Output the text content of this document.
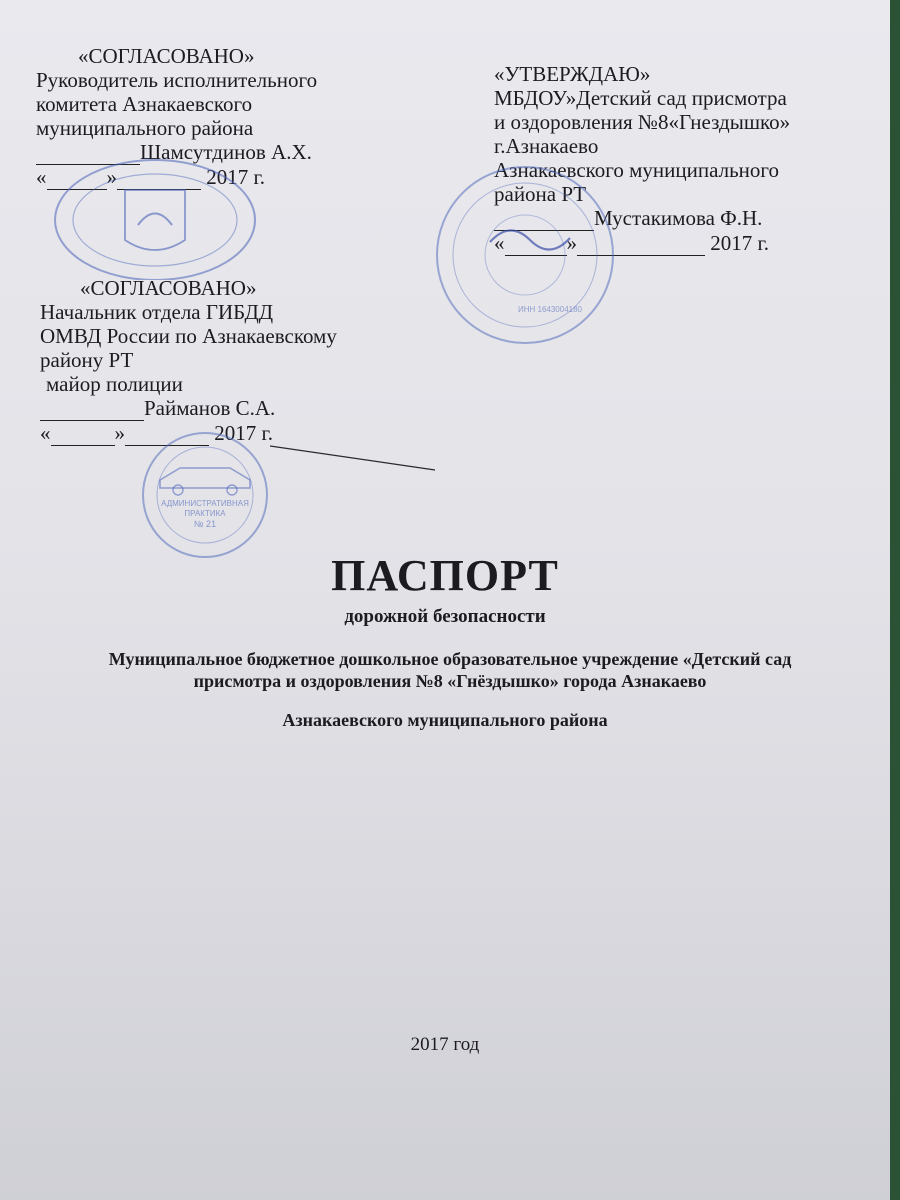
«СОГЛАСОВАНО»
Руководитель исполнительного
комитета Азнакаевского
муниципального района
Шамсутдинов А.Х.
«	»	2017 г.
«СОГЛАСОВАНО»
Начальник отдела ГИБДД
ОМВД России по Азнакаевскому
району РТ
майор полиции
Райманов С.А.
«	»	2017 г.
«УТВЕРЖДАЮ»
МБДОУ»Детский сад присмотра
и оздоровления №8«Гнездышко»
г.Азнакаево
Азнакаевского муниципального
района РТ
Мустакимова Ф.Н.
«	»	2017 г.
АДМИНИСТРАТИВНАЯ
ПРАКТИКА
№ 21
ИНН 1643004180
ПАСПОРТ
дорожной безопасности
Муниципальное бюджетное дошкольное образовательное учреждение «Детский сад
присмотра и оздоровления №8 «Гнёздышко» города Азнакаево
Азнакаевского муниципального района
2017 год
